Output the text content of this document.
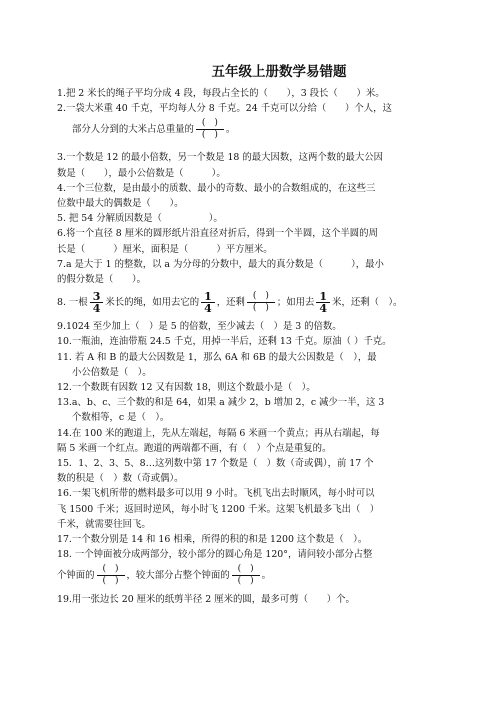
五年级上册数学易错题

1.把 2 米长的绳子平均分成 4 段，每段占全长的（　　），3 段长（　　）米。

2.一袋大米重 40 千克，平均每人分 8 千克。24 千克可以分给（　　）个人，这

部分人分到的大米占总重量的 $\frac{( )}{( )}$ 。

3.一个数是 12 的最小倍数，另一个数是 18 的最大因数，这两个数的最大公因

数是（　　），最小公倍数是（　　　）。

4.一个三位数，是由最小的质数、最小的奇数、最小的合数组成的，在这些三

位数中最大的偶数是（　　）。

5. 把 54 分解质因数是（　　　　　）。

6.将一个直径 8 厘米的圆形纸片沿直径对折后，得到一个半圆，这个半圆的周

长是（　　　）厘米，面积是（　　　）平方厘米。

7.a 是大于 1 的整数，以 a 为分母的分数中，最大的真分数是（　　　），最小

的假分数是（　　）。

8. 一根 $\frac{3}{4}$ 米长的绳，如用去它的 $\frac{1}{4}$ ，还剩 $\frac{( )}{( )}$ ；如用去 $\frac{1}{4}$ 米，还剩（　）。

9.1024 至少加上（　）是 5 的倍数，至少减去（　）是 3 的倍数。

10.一瓶油，连油带瓶 24.5 千克，用掉一半后，还剩 13 千克。原油（ ）千克。

11. 若 A 和 B 的最大公因数是 1，那么 6A 和 6B 的最大公因数是（　），最

小公倍数是（　）。

12.一个数既有因数 12 又有因数 18，则这个数最小是（　）。

13.a、b、c、三个数的和是 64，如果 a 减少 2，b 增加 2，c 减少一半，这 3

个数相等，c 是（　）。

14.在 100 米的跑道上，先从左端起，每隔 6 米画一个黄点；再从右端起，每

隔 5 米画一个红点。跑道的两端都不画，有（　）个点是重复的。

15．1、2、3、5、8…这列数中第 17 个数是（　）数（奇或偶），前 17 个

数的积是（　）数（奇或偶）。

16.一架飞机所带的燃料最多可以用 9 小时。飞机飞出去时顺风，每小时可以

飞 1500 千米；返回时逆风，每小时飞 1200 千米。这架飞机最多飞出（　）

千米，就需要往回飞。

17.一个数分别是 14 和 16 相乘，所得的积的和是 1200 这个数是（　）。

18. 一个钟面被分成两部分，较小部分的圆心角是 120°，请问较小部分占整

个钟面的 $\frac{( )}{( )}$ ，较大部分占整个钟面的 $\frac{( )}{( )}$ 。

19.用一张边长 20 厘米的纸剪半径 2 厘米的圆，最多可剪（　　）个。
